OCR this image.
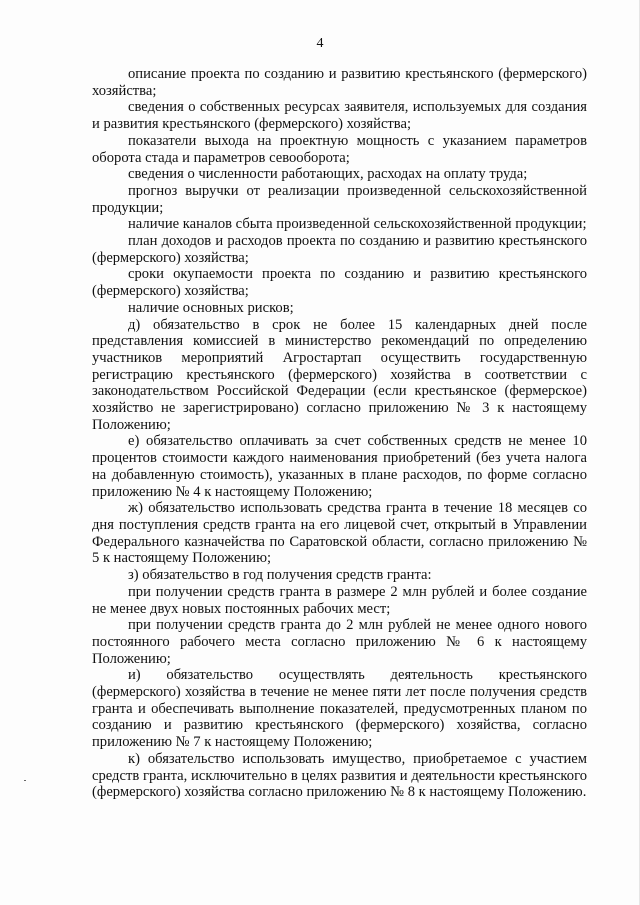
4

описание проекта по созданию и развитию крестьянского (фермерского) хозяйства;

сведения о собственных ресурсах заявителя, используемых для создания и развития крестьянского (фермерского) хозяйства;

показатели выхода на проектную мощность с указанием параметров оборота стада и параметров севооборота;

сведения о численности работающих, расходах на оплату труда;

прогноз выручки от реализации произведенной сельскохозяйственной продукции;

наличие каналов сбыта произведенной сельскохозяйственной продукции;

план доходов и расходов проекта по созданию и развитию крестьянского (фермерского) хозяйства;

сроки окупаемости проекта по созданию и развитию крестьянского (фермерского) хозяйства;

наличие основных рисков;

д) обязательство в срок не более 15 календарных дней после представления комиссией в министерство рекомендаций по определению участников мероприятий Агростартап осуществить государственную регистрацию крестьянского (фермерского) хозяйства в соответствии с законодательством Российской Федерации (если крестьянское (фермерское) хозяйство не зарегистрировано) согласно приложению № 3 к настоящему Положению;

е) обязательство оплачивать за счет собственных средств не менее 10 процентов стоимости каждого наименования приобретений (без учета налога на добавленную стоимость), указанных в плане расходов, по форме согласно приложению № 4 к настоящему Положению;

ж) обязательство использовать средства гранта в течение 18 месяцев со дня поступления средств гранта на его лицевой счет, открытый в Управлении Федерального казначейства по Саратовской области, согласно приложению № 5 к настоящему Положению;

з) обязательство в год получения средств гранта:

при получении средств гранта в размере 2 млн рублей и более создание не менее двух новых постоянных рабочих мест;

при получении средств гранта до 2 млн рублей не менее одного нового постоянного рабочего места согласно приложению № 6 к настоящему Положению;

и) обязательство осуществлять деятельность крестьянского (фермерского) хозяйства в течение не менее пяти лет после получения средств гранта и обеспечивать выполнение показателей, предусмотренных планом по созданию и развитию крестьянского (фермерского) хозяйства, согласно приложению № 7 к настоящему Положению;

к) обязательство использовать имущество, приобретаемое с участием средств гранта, исключительно в целях развития и деятельности крестьянского (фермерского) хозяйства согласно приложению № 8 к настоящему Положению.
